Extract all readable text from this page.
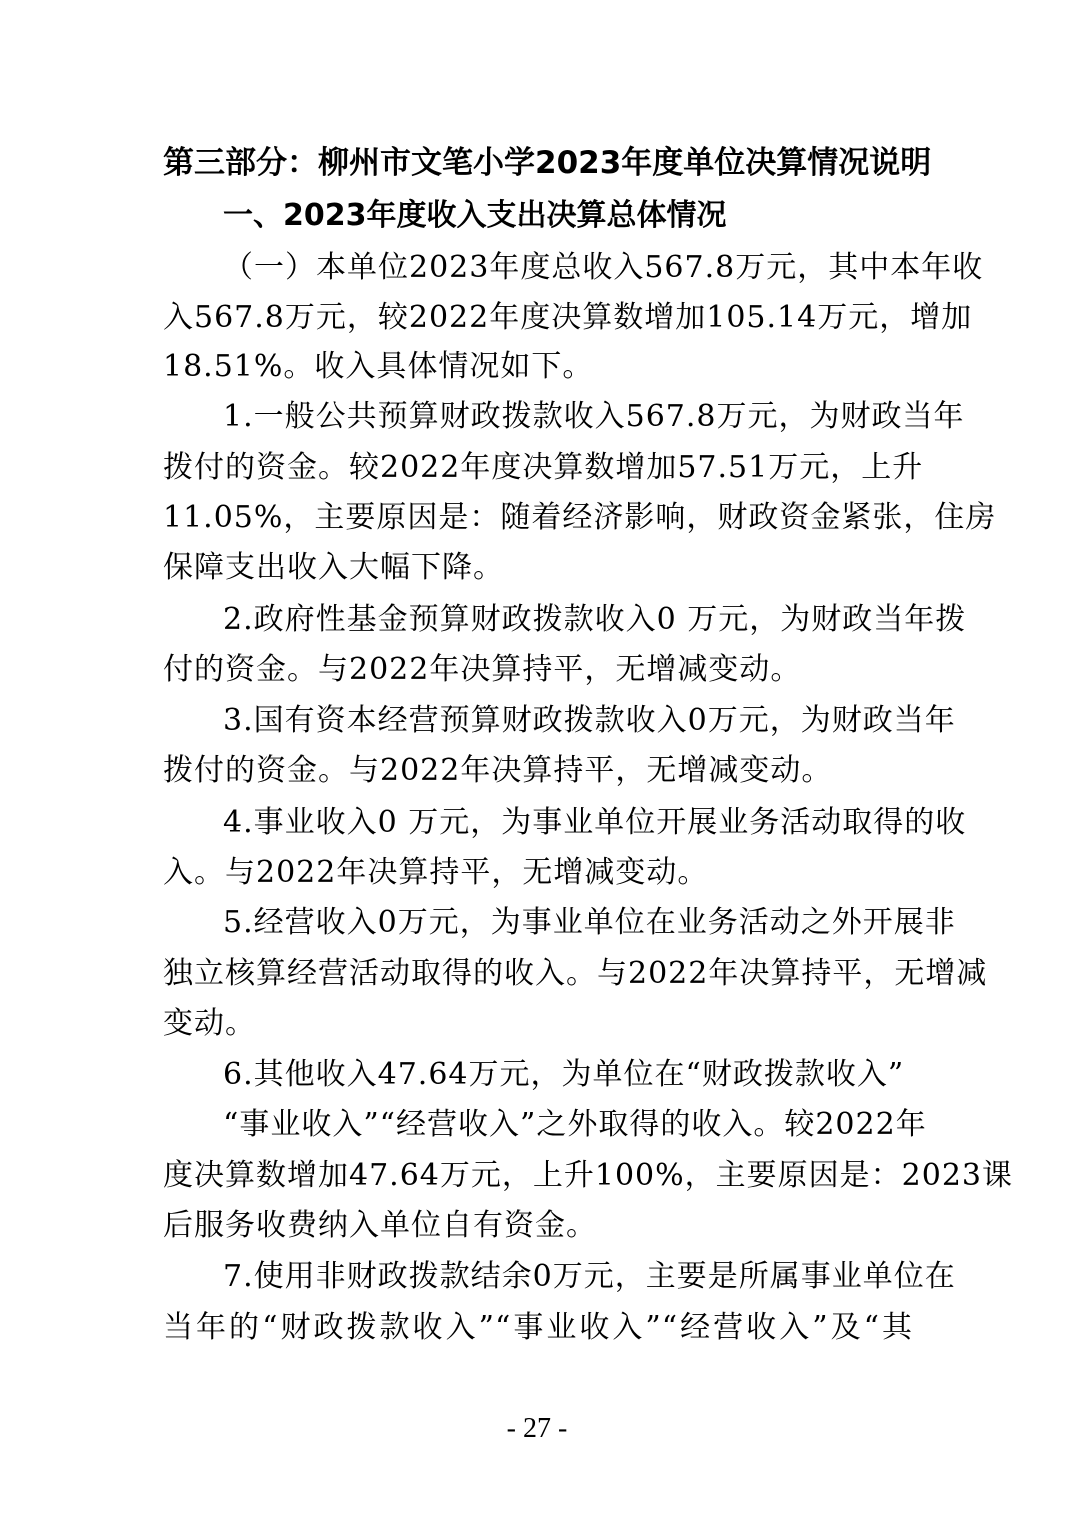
第三部分：柳州市文笔小学2023年度单位决算情况说明

一、2023年度收入支出决算总体情况

（一）本单位2023年度总收入567.8万元，其中本年收

入567.8万元，较2022年度决算数增加105.14万元，增加

18.51%。收入具体情况如下。

1.一般公共预算财政拨款收入567.8万元，为财政当年

拨付的资金。较2022年度决算数增加57.51万元，上升

11.05%，主要原因是：随着经济影响，财政资金紧张，住房

保障支出收入大幅下降。

2.政府性基金预算财政拨款收入0 万元，为财政当年拨

付的资金。与2022年决算持平，无增减变动。

3.国有资本经营预算财政拨款收入0万元，为财政当年

拨付的资金。与2022年决算持平，无增减变动。

4.事业收入0 万元，为事业单位开展业务活动取得的收

入。与2022年决算持平，无增减变动。

5.经营收入0万元，为事业单位在业务活动之外开展非

独立核算经营活动取得的收入。与2022年决算持平，无增减

变动。

6.其他收入47.64万元，为单位在“财政拨款收入”

“事业收入”“经营收入”之外取得的收入。较2022年

度决算数增加47.64万元，上升100%，主要原因是：2023课

后服务收费纳入单位自有资金。

7.使用非财政拨款结余0万元，主要是所属事业单位在

当年的“财政拨款收入”“事业收入”“经营收入”及“其

- 27 -
